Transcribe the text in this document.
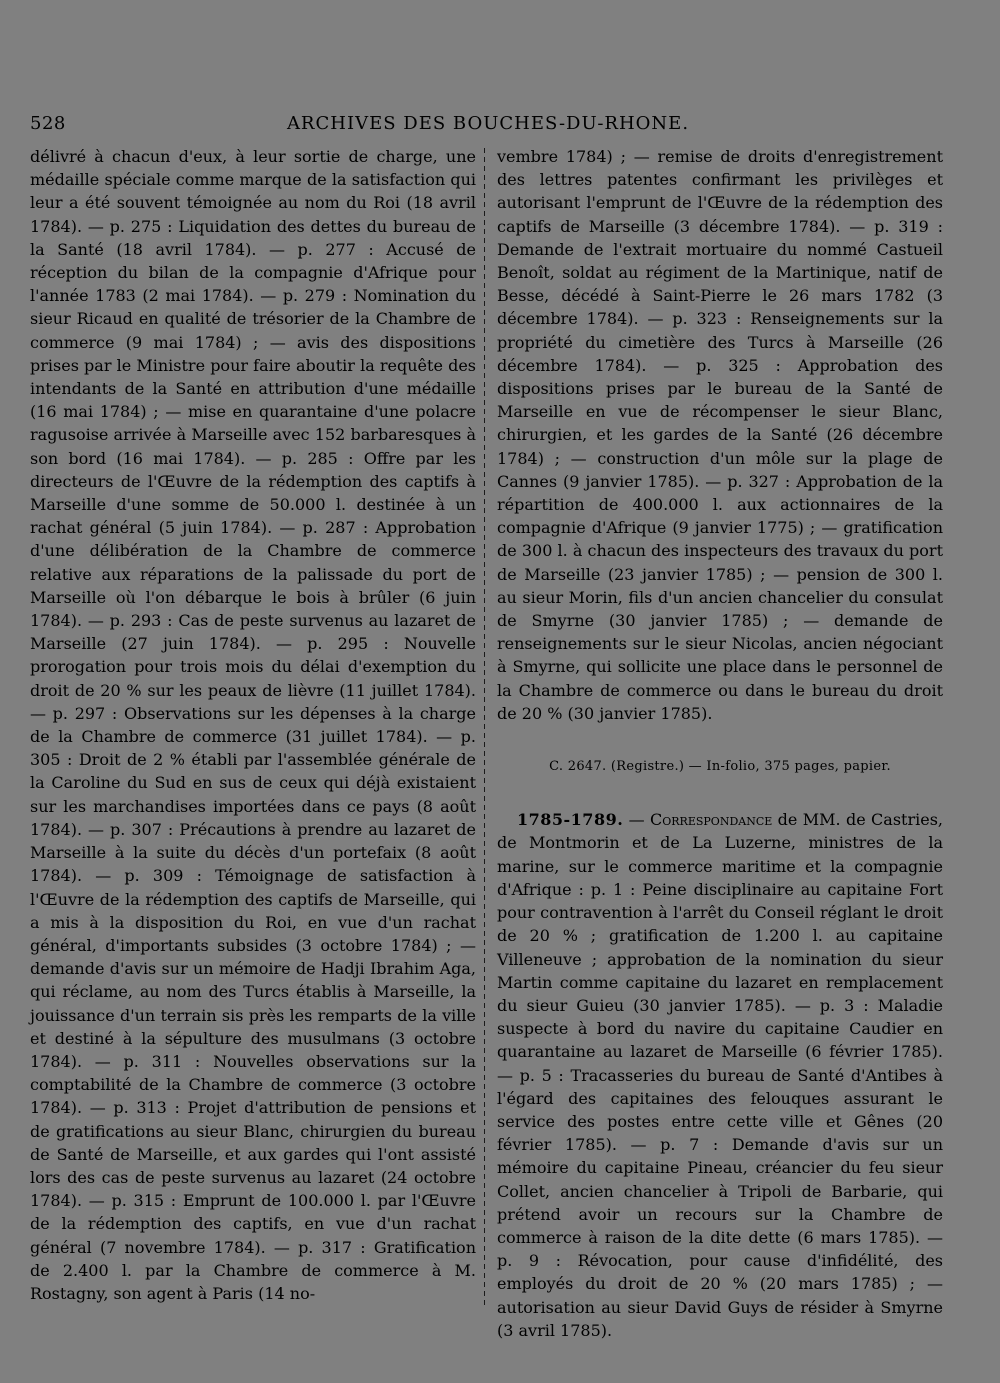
528	ARCHIVES DES BOUCHES-DU-RHONE.

délivré à chacun d'eux, à leur sortie de charge, une médaille spéciale comme marque de la satisfaction qui leur a été souvent témoignée au nom du Roi (18 avril 1784). — p. 275 : Liquidation des dettes du bureau de la Santé (18 avril 1784). — p. 277 : Accusé de réception du bilan de la compagnie d'Afrique pour l'année 1783 (2 mai 1784). — p. 279 : Nomination du sieur Ricaud en qualité de trésorier de la Chambre de commerce (9 mai 1784) ; — avis des dispositions prises par le Ministre pour faire aboutir la requête des intendants de la Santé en attribution d'une médaille (16 mai 1784) ; — mise en quarantaine d'une polacre ragusoise arrivée à Marseille avec 152 barbaresques à son bord (16 mai 1784). — p. 285 : Offre par les directeurs de l'Œuvre de la rédemption des captifs à Marseille d'une somme de 50.000 l. destinée à un rachat général (5 juin 1784). — p. 287 : Approbation d'une délibération de la Chambre de commerce relative aux réparations de la palissade du port de Marseille où l'on débarque le bois à brûler (6 juin 1784). — p. 293 : Cas de peste survenus au lazaret de Marseille (27 juin 1784). — p. 295 : Nouvelle prorogation pour trois mois du délai d'exemption du droit de 20 % sur les peaux de lièvre (11 juillet 1784). — p. 297 : Observations sur les dépenses à la charge de la Chambre de commerce (31 juillet 1784). — p. 305 : Droit de 2 % établi par l'assemblée générale de la Caroline du Sud en sus de ceux qui déjà existaient sur les marchandises importées dans ce pays (8 août 1784). — p. 307 : Précautions à prendre au lazaret de Marseille à la suite du décès d'un portefaix (8 août 1784). — p. 309 : Témoignage de satisfaction à l'Œuvre de la rédemption des captifs de Marseille, qui a mis à la disposition du Roi, en vue d'un rachat général, d'importants subsides (3 octobre 1784) ; — demande d'avis sur un mémoire de Hadji Ibrahim Aga, qui réclame, au nom des Turcs établis à Marseille, la jouissance d'un terrain sis près les remparts de la ville et destiné à la sépulture des musulmans (3 octobre 1784). — p. 311 : Nouvelles observations sur la comptabilité de la Chambre de commerce (3 octobre 1784). — p. 313 : Projet d'attribution de pensions et de gratifications au sieur Blanc, chirurgien du bureau de Santé de Marseille, et aux gardes qui l'ont assisté lors des cas de peste survenus au lazaret (24 octobre 1784). — p. 315 : Emprunt de 100.000 l. par l'Œuvre de la rédemption des captifs, en vue d'un rachat général (7 novembre 1784). — p. 317 : Gratification de 2.400 l. par la Chambre de commerce à M. Rostagny, son agent à Paris (14 no-

vembre 1784) ; — remise de droits d'enregistrement des lettres patentes confirmant les privilèges et autorisant l'emprunt de l'Œuvre de la rédemption des captifs de Marseille (3 décembre 1784). — p. 319 : Demande de l'extrait mortuaire du nommé Castueil Benoît, soldat au régiment de la Martinique, natif de Besse, décédé à Saint-Pierre le 26 mars 1782 (3 décembre 1784). — p. 323 : Renseignements sur la propriété du cimetière des Turcs à Marseille (26 décembre 1784). — p. 325 : Approbation des dispositions prises par le bureau de la Santé de Marseille en vue de récompenser le sieur Blanc, chirurgien, et les gardes de la Santé (26 décembre 1784) ; — construction d'un môle sur la plage de Cannes (9 janvier 1785). — p. 327 : Approbation de la répartition de 400.000 l. aux actionnaires de la compagnie d'Afrique (9 janvier 1775) ; — gratification de 300 l. à chacun des inspecteurs des travaux du port de Marseille (23 janvier 1785) ; — pension de 300 l. au sieur Morin, fils d'un ancien chancelier du consulat de Smyrne (30 janvier 1785) ; — demande de renseignements sur le sieur Nicolas, ancien négociant à Smyrne, qui sollicite une place dans le personnel de la Chambre de commerce ou dans le bureau du droit de 20 % (30 janvier 1785).

C. 2647. (Registre.) — In-folio, 375 pages, papier.

1785-1789. — Correspondance de MM. de Castries, de Montmorin et de La Luzerne, ministres de la marine, sur le commerce maritime et la compagnie d'Afrique : p. 1 : Peine disciplinaire au capitaine Fort pour contravention à l'arrêt du Conseil réglant le droit de 20 % ; gratification de 1.200 l. au capitaine Villeneuve ; approbation de la nomination du sieur Martin comme capitaine du lazaret en remplacement du sieur Guieu (30 janvier 1785). — p. 3 : Maladie suspecte à bord du navire du capitaine Caudier en quarantaine au lazaret de Marseille (6 février 1785). — p. 5 : Tracasseries du bureau de Santé d'Antibes à l'égard des capitaines des felouques assurant le service des postes entre cette ville et Gênes (20 février 1785). — p. 7 : Demande d'avis sur un mémoire du capitaine Pineau, créancier du feu sieur Collet, ancien chancelier à Tripoli de Barbarie, qui prétend avoir un recours sur la Chambre de commerce à raison de la dite dette (6 mars 1785). — p. 9 : Révocation, pour cause d'infidélité, des employés du droit de 20 % (20 mars 1785) ; — autorisation au sieur David Guys de résider à Smyrne (3 avril 1785).
